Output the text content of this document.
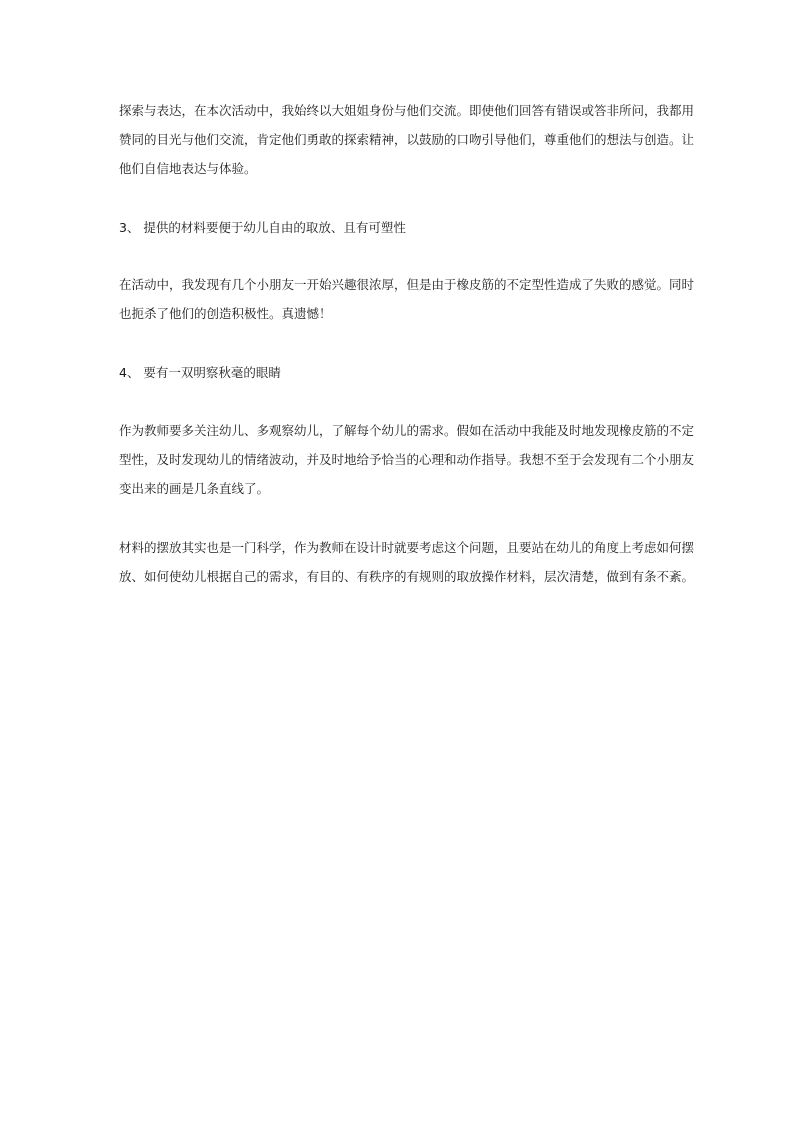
探索与表达，在本次活动中，我始终以大姐姐身份与他们交流。即使他们回答有错误或答非所问，我都用
赞同的目光与他们交流，肯定他们勇敢的探索精神，以鼓励的口吻引导他们，尊重他们的想法与创造。让
他们自信地表达与体验。
3、 提供的材料要便于幼儿自由的取放、且有可塑性
在活动中，我发现有几个小朋友一开始兴趣很浓厚，但是由于橡皮筋的不定型性造成了失败的感觉。同时
也扼杀了他们的创造积极性。真遗憾！
4、 要有一双明察秋毫的眼睛
作为教师要多关注幼儿、多观察幼儿，了解每个幼儿的需求。假如在活动中我能及时地发现橡皮筋的不定
型性，及时发现幼儿的情绪波动，并及时地给予恰当的心理和动作指导。我想不至于会发现有二个小朋友
变出来的画是几条直线了。
材料的摆放其实也是一门科学，作为教师在设计时就要考虑这个问题，且要站在幼儿的角度上考虑如何摆
放、如何使幼儿根据自己的需求，有目的、有秩序的有规则的取放操作材料，层次清楚，做到有条不紊。
